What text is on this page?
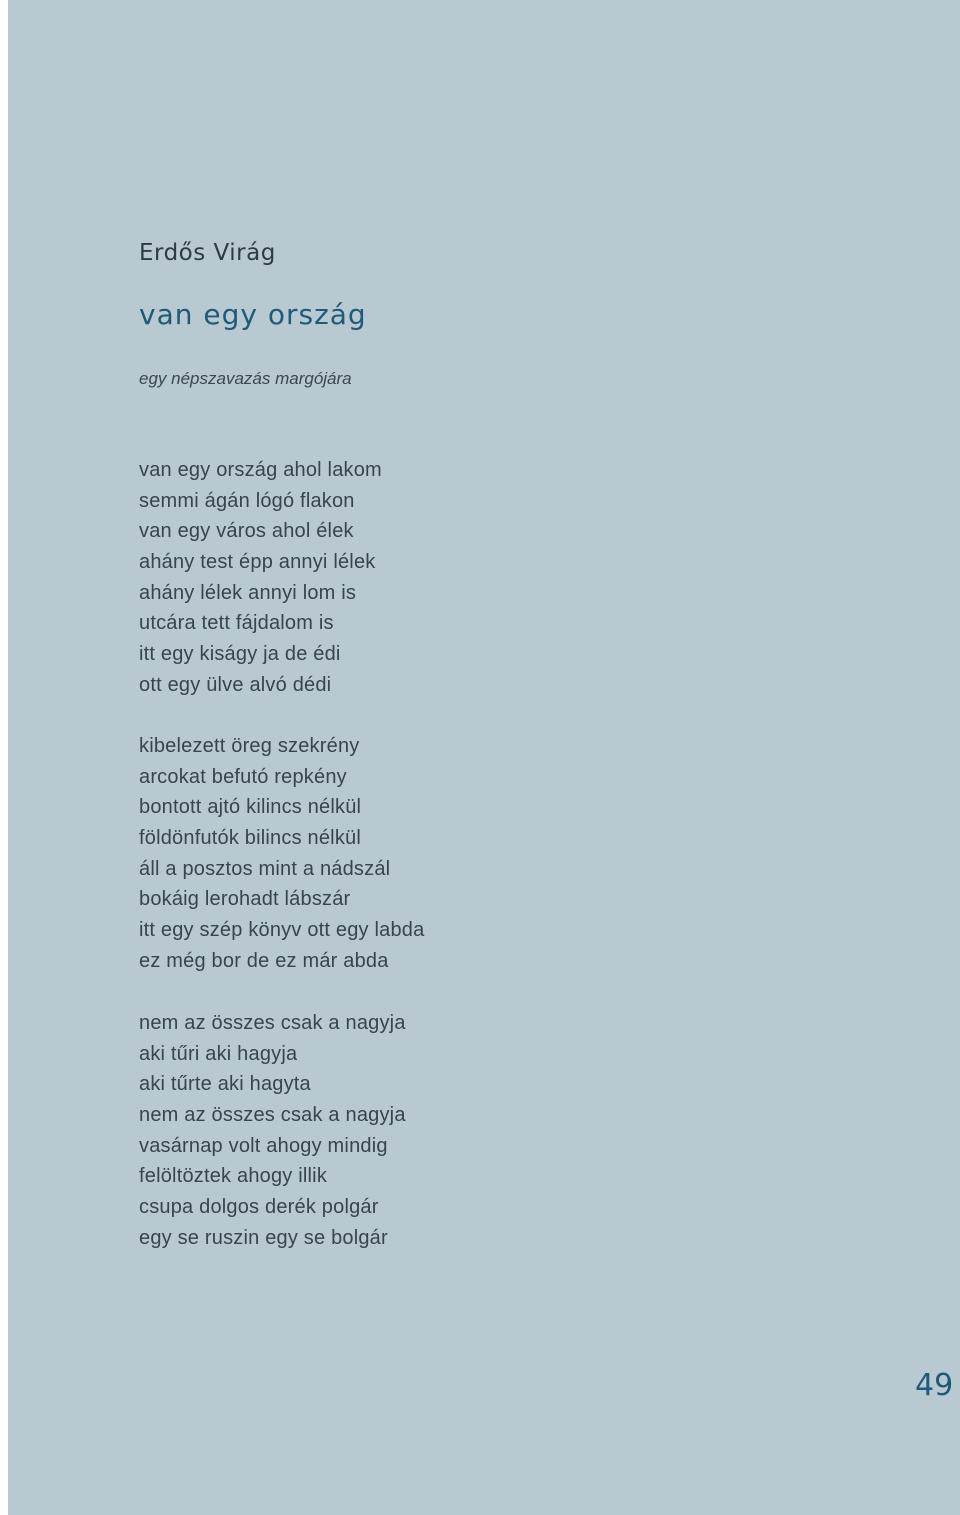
Erdős Virág
van egy ország

egy népszavazás margójára

van egy ország ahol lakom
semmi ágán lógó flakon
van egy város ahol élek
ahány test épp annyi lélek
ahány lélek annyi lom is
utcára tett fájdalom is
itt egy kiságy ja de édi
ott egy ülve alvó dédi
kibelezett öreg szekrény
arcokat befutó repkény
bontott ajtó kilincs nélkül
földönfutók bilincs nélkül
áll a posztos mint a nádszál
bokáig lerohadt lábszár
itt egy szép könyv ott egy labda
ez még bor de ez már abda
nem az összes csak a nagyja
aki tűri aki hagyja
aki tűrte aki hagyta
nem az összes csak a nagyja
vasárnap volt ahogy mindig
felöltöztek ahogy illik
csupa dolgos derék polgár
egy se ruszin egy se bolgár

49
